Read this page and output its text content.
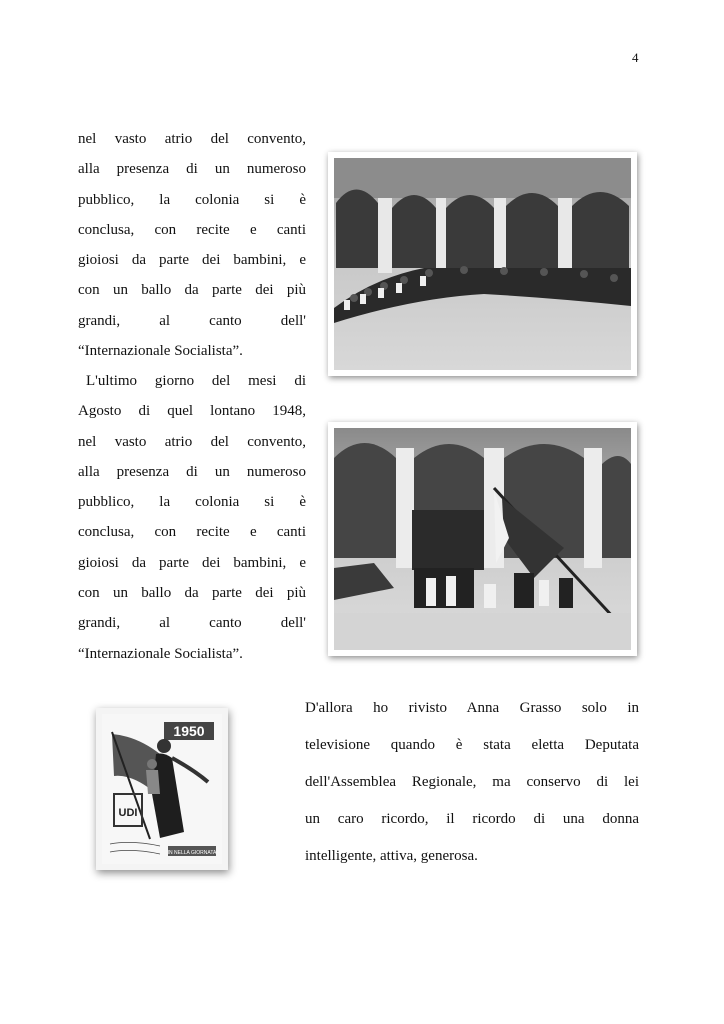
4
nel vasto atrio del convento,
alla presenza di un numeroso
pubblico, la colonia si è
conclusa, con recite e canti
gioiosi da parte dei bambini, e
con un ballo da parte dei più
grandi, al canto dell'
“Internazionale Socialista”.
L'ultimo giorno del mesi di
Agosto di quel lontano 1948,
nel vasto atrio del convento,
alla presenza di un numeroso
pubblico, la colonia si è
conclusa, con recite e canti
gioiosi da parte dei bambini, e
con un ballo da parte dei più
grandi, al canto dell'
“Internazionale Socialista”.
1950
UDI
IN NELLA GIORNATA
D'allora ho rivisto Anna Grasso solo in
televisione quando è stata eletta Deputata
dell'Assemblea Regionale, ma conservo di lei
un caro ricordo, il ricordo di una donna
intelligente, attiva, generosa.
